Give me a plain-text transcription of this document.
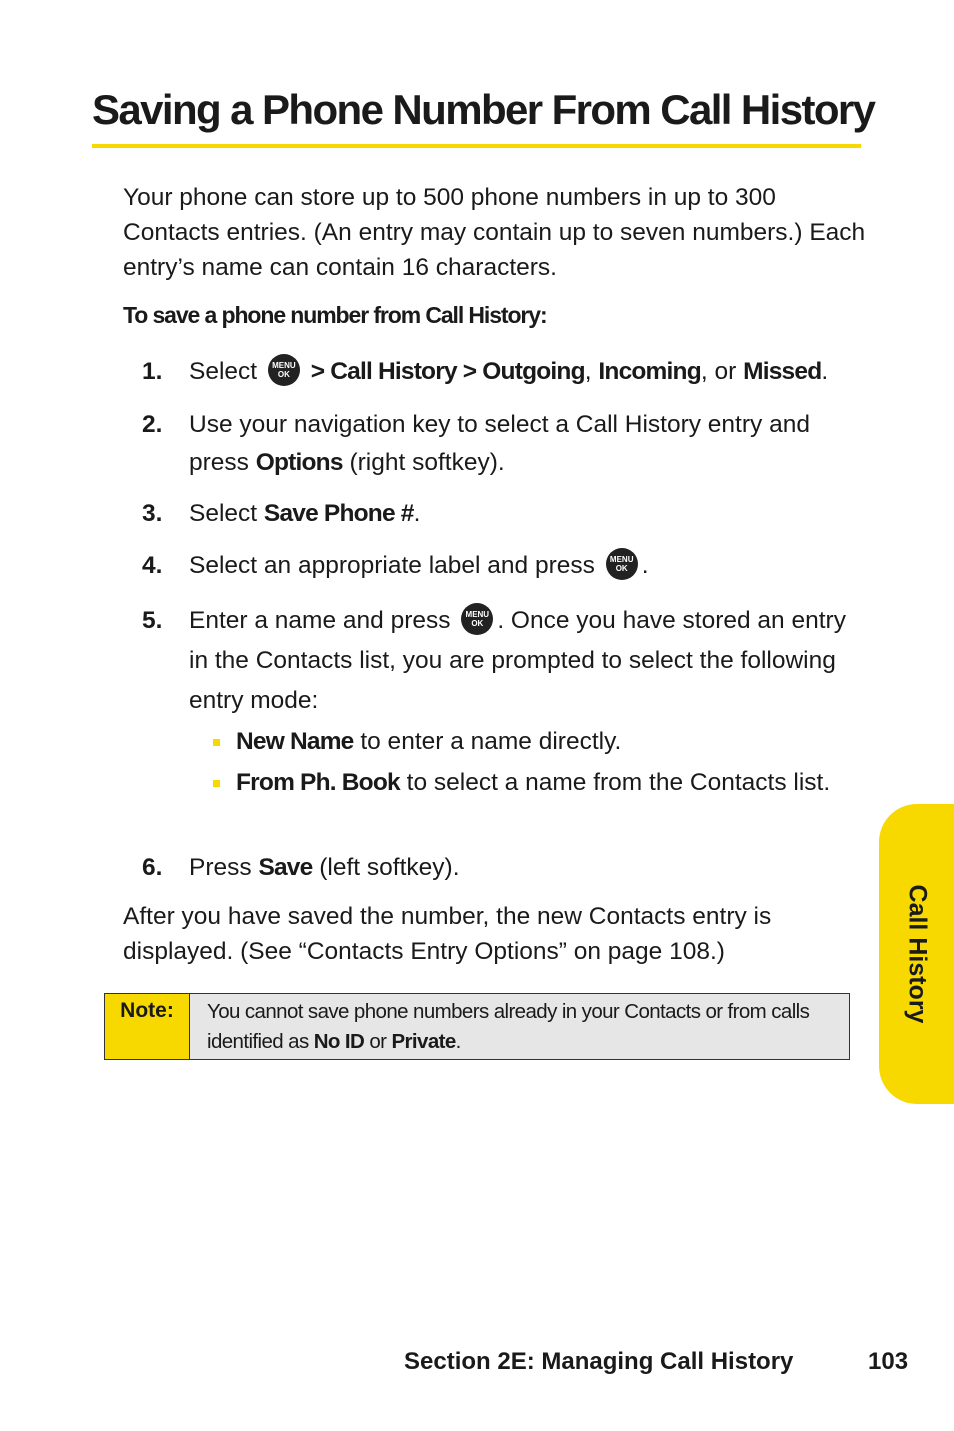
Saving a Phone Number From Call History

Your phone can store up to 500 phone numbers in up to 300 Contacts entries. (An entry may contain up to seven numbers.) Each entry’s name can contain 16 characters.

To save a phone number from Call History:

1.	Select	MENU
OK > Call History > Outgoing, Incoming, or Missed.
2.	Use your navigation key to select a Call History entry and press Options (right softkey).
3.	Select Save Phone #.
4.	Select an appropriate label and press	MENU
OK .
5.	Enter a name and press	MENU
OK . Once you have stored an entry in the Contacts list, you are prompted to select the following entry mode:
New Name to enter a name directly.
From Ph. Book to select a name from the Contacts list.
6.	Press Save (left softkey).

After you have saved the number, the new Contacts entry is displayed. (See “Contacts Entry Options” on page 108.)

Note:	You cannot save phone numbers already in your Contacts or from calls identified as No ID or Private.
Call History
Section 2E: Managing Call History	103
